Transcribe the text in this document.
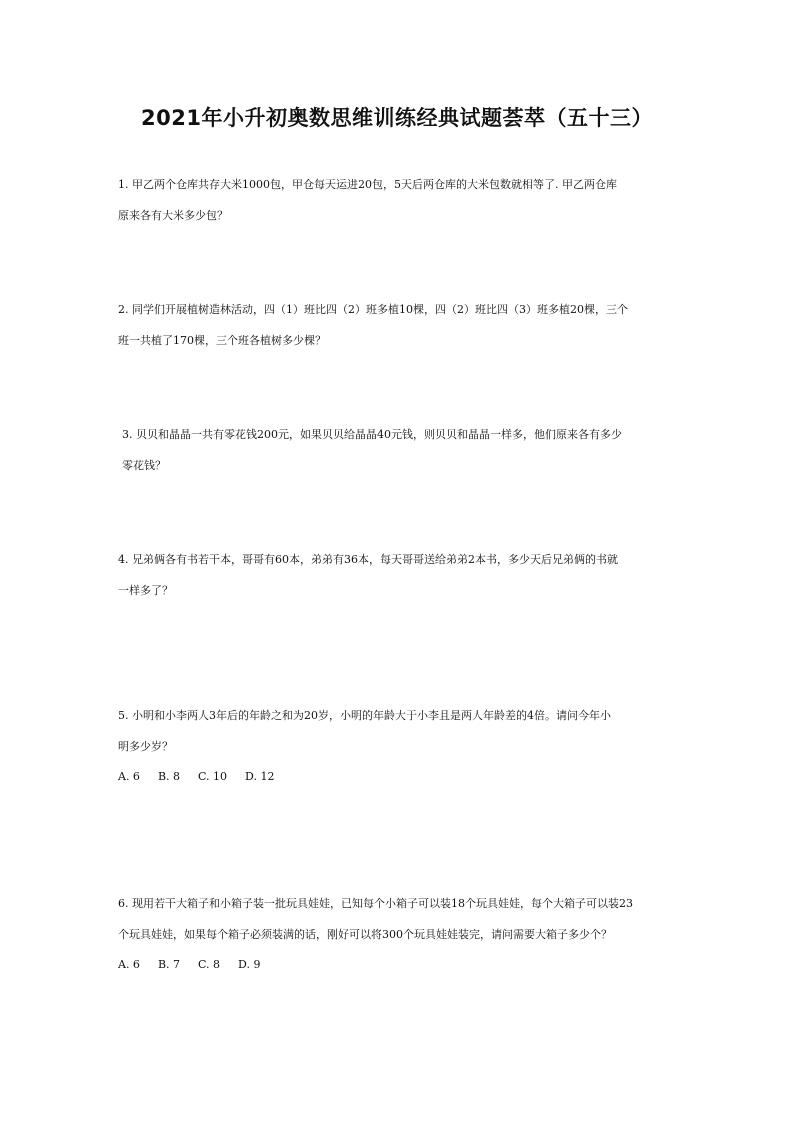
2021年小升初奥数思维训练经典试题荟萃（五十三）
1. 甲乙两个仓库共存大米1000包，甲仓每天运进20包，5天后两仓库的大米包数就相等了. 甲乙两仓库
原来各有大米多少包？
2. 同学们开展植树造林活动，四（1）班比四（2）班多植10棵，四（2）班比四（3）班多植20棵，三个
班一共植了170棵，三个班各植树多少棵？
3. 贝贝和晶晶一共有零花钱200元，如果贝贝给晶晶40元钱，则贝贝和晶晶一样多，他们原来各有多少
零花钱？
4. 兄弟俩各有书若干本，哥哥有60本，弟弟有36本，每天哥哥送给弟弟2本书，多少天后兄弟俩的书就
一样多了？
5. 小明和小李两人3年后的年龄之和为20岁，小明的年龄大于小李且是两人年龄差的4倍。请问今年小
明多少岁？
A. 6 B. 8 C. 10 D. 12
6. 现用若干大箱子和小箱子装一批玩具娃娃，已知每个小箱子可以装18个玩具娃娃，每个大箱子可以装23
个玩具娃娃，如果每个箱子必须装满的话，刚好可以将300个玩具娃娃装完，请问需要大箱子多少个？
A. 6 B. 7 C. 8 D. 9
